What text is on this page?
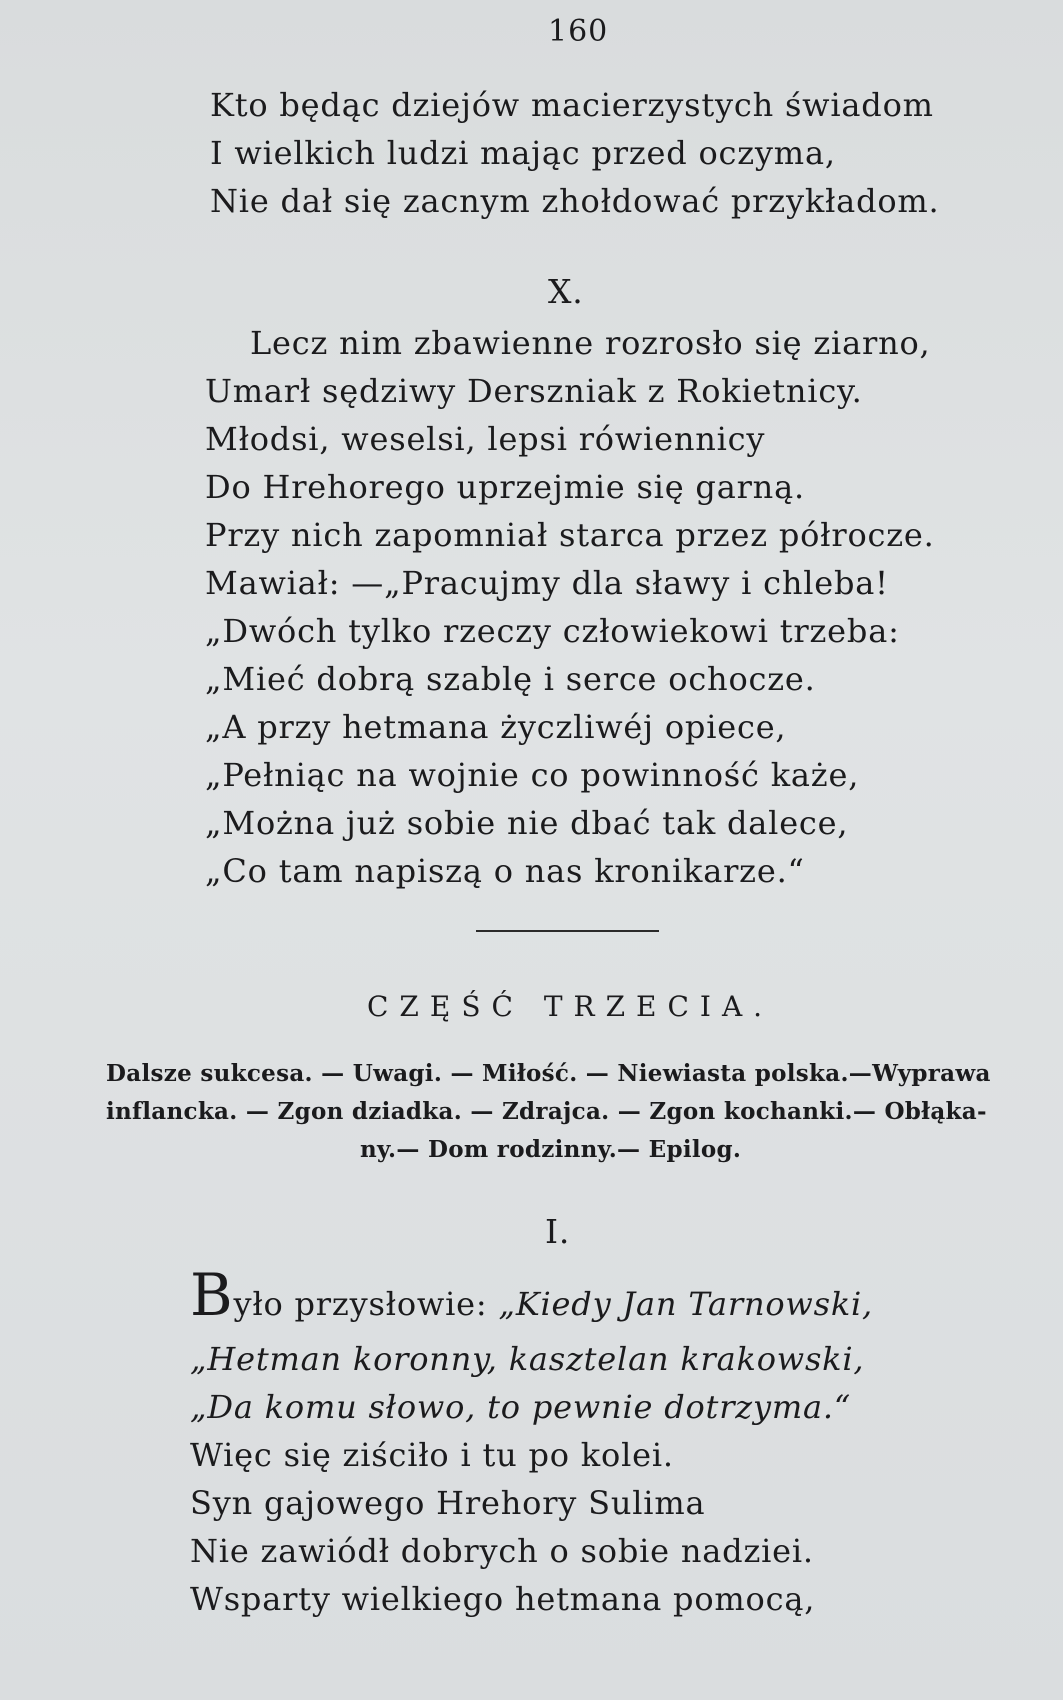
160
Kto będąc dziejów macierzystych świadom
I wielkich ludzi mając przed oczyma,
Nie dał się zacnym zhołdować przykładom.
X.
Lecz nim zbawienne rozrosło się ziarno,
Umarł sędziwy Derszniak z Rokietnicy.
Młodsi, weselsi, lepsi rówiennicy
Do Hrehorego uprzejmie się garną.
Przy nich zapomniał starca przez półrocze.
Mawiał: —„Pracujmy dla sławy i chleba!
„Dwóch tylko rzeczy człowiekowi trzeba:
„Mieć dobrą szablę i serce ochocze.
„A przy hetmana życzliwéj opiece,
„Pełniąc na wojnie co powinność każe,
„Można już sobie nie dbać tak dalece,
„Co tam napiszą o nas kronikarze.“
CZĘŚĆ TRZECIA.
Dalsze sukcesa. — Uwagi. — Miłość. — Niewiasta polska.—Wyprawa
inflancka. — Zgon dziadka. — Zdrajca. — Zgon kochanki.— Obłąka-
ny.— Dom rodzinny.— Epilog.
I.
Było przysłowie: „Kiedy Jan Tarnowski,
„Hetman koronny, kasztelan krakowski,
„Da komu słowo, to pewnie dotrzyma.“
Więc się ziściło i tu po kolei.
Syn gajowego Hrehory Sulima
Nie zawiódł dobrych o sobie nadziei.
Wsparty wielkiego hetmana pomocą,
